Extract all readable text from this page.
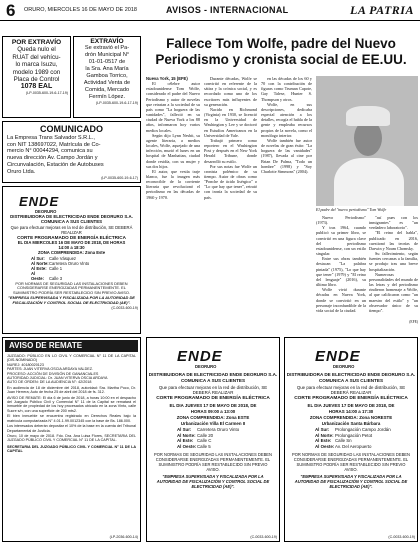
6 ORURO, MIERCOLES 16 DE MAYO DE 2018	AVISOS - INTERNACIONAL	LA PATRIA
POR EXTRAVÍO
Queda nulo el
RUAT del vehícu-
lo marca Isuzu,
modelo 1989 con
Placa de Control
1078 EAL
(LP-0035-600-19-6-17-19)
EXTRAVÍO
Se extravió el Pa-
drón Municipal N°
01-01-0517 de
la Sra. Ana María
Gamboa Torrico,
Actividad Venta de
Comida, Mercado
Fermín López.
(LP-0035-600-19-6-17-19)
COMUNICADO
La Empresa Trans Salvador S.R.L.,
con NIT 138697022, Matrícula de Co-
mercio N° 00044294, comunica su
nueva dirección Av. Campo Jordán y
Circunvalación, Estación de Autobuses
Oruro Ltda.
(LP-0035-600-19-6-17)
ENDE
DEORURO
DISTRIBUIDORA DE ELECTRICIDAD ENDE DEORURO S.A.
COMUNICA A SUS CLIENTES
Que para efectuar mejoras en la red de distribución, SE DEBERÁ REALIZAR
CORTE PROGRAMADO DE ENERGÍA ELÉCTRICA
EL DIA MIERCOLES 16 DE MAYO DE 2018, DE HORAS 14:00 a 18:30
ZONA COMPRENDIDA: Zona Este
Al Sur: Calle Vásquez
Al Norte:Carretera Oruro Vinto
Al Este: Calle 1
Al Oeste: Calle 3
POR NORMAS DE SEGURIDAD LAS INSTALACIONES DEBEN CONSIDERARSE ENERGIZADAS PERMANENTEMENTE. EL SUMINISTRO PODRÍA SER RESTABLECIDO SIN PREVIO AVISO.
"EMPRESA SUPERVISADA Y FISCALIZADA POR LA AUTORIDAD DE FISCALIZACIÓN Y CONTROL SOCIAL DE ELECTRICIDAD (AE)".
(C-0033-600-19)
AVISO DE REMATE
JUZGADO: PÚBLICO EN LO CIVIL Y COMERCIAL N° 11 DE LA CAPITAL (DIS-NOMINADO)
NUREJ: 40180020123
PARTES: JUAN VITERVA OSCIA ARDAYA VALDEZ.
PROCESO: ACCIÓN DE DIVISIÓN DE GANANCIALES
AUTORIDAD JUDICIAL: Dr. JUAN VITERVA OSCIA ARDAYA
AUTO DE ORDEN: DE LA AUDIENCIA N°: 42/2018
En audiencia de 18 de diciembre del 2018, autoridad: Sra. Martha Poco, Dr. Juan Herrera; Auto de fecha 25 de abril del 2018 de fs. 312.
AVISO DE REMATE: El día 6 de junio de 2018, a horas 10:00 en el despacho del Juzgado Público Civil y Comercial N° 11 de la Capital se rematará el inmueble de propiedad de los hoy procesados ubicado en la zona Vinto, calle Sucre s/n, con una superficie de 200 mts2.
El bien inmueble se encuentra registrado en Derechos Reales bajo la matrícula computarizada N° 4.01.1.99.0012345 con la base de Bs. 186.000.
Los interesados deberán depositar el 10% de la base en la cuenta del Tribunal Departamental de Justicia.
Oruro, 10 de mayo de 2018. Fdo. Dra. Ana Luisa Flores, SECRETARIA DEL JUZGADO PÚBLICO CIVIL Y COMERCIAL N° 11 DE LA CAPITAL.
SECRETARIA DEL JUZGADO PÚBLICO CIVIL Y COMERCIAL N° 11 DE LA CAPITAL
(LP-2036-600-14)
Fallece Tom Wolfe, padre del Nuevo Periodismo y cronista social de EE.UU.
Nueva York, 15 (EFE)

El célebre autor estadounidense Tom Wolfe, considerado el padre del Nuevo Periodismo y autor de novelas que retratan a la sociedad de su país como "La hoguera de las vanidades", falleció en su ciudad de Nueva York a los 88 años, informaron hoy varios medios locales.

Según dijo Lynn Nesbit, su agente literaria, a medios locales, Wolfe, aquejado de una infección, murió el lunes en un hospital de Manhattan, ciudad donde residía, con su mujer y sus dos hijos.

El autor, que vestía traje blanco, fue la imagen más reconocible de la corriente literaria que revolucionó el periodismo en las décadas de 1960 y 1970.

Durante décadas, Wolfe se convirtió en referente de la sátira y la crónica social, y es recordado como uno de los escritores más influyentes de su generación.

Nacido en Richmond (Virginia) en 1930, se licenció en la Universidad de Washington y Lee y se doctoró en Estudios Americanos en la Universidad de Yale.

Trabajó primero como reportero en el Washington Post y después en el New York Herald Tribune, donde desarrolló su estilo.

Por sus notas fue Wolfe un cronista polémico de su tiempo. Autor de obras como "Ponche de ácido lisérgico" o "Lo que hay que tener", retrató con ironía la sociedad de su país.

en las décadas de los 60 y 70 con la contribución de figuras como Truman Capote, Gay Talese, Hunter S. Thompson y otros.

Wolfe, en sus descripciones, dedicaba especial atención a los detalles, recogía el habla de la gente y empleaba recursos propios de la novela, como el monólogo interior.

Wolfe también fue autor de novelas de gran éxito: "La hoguera de las vanidades" (1987), llevada al cine por Brian De Palma, "Todo un hombre" (1998) y "Soy Charlotte Simmons" (2004).

El padre del "nuevo periodismo" Tom Wolfe

Nuevo Periodismo" (1973).

Y tras 1964, cuando publicó su primer libro, se convirtió en una figura clave del periodismo estadounidense, con un estilo singular.

Entre sus obras también destacan "La palabra pintada" (1975), "Lo que hay que tener" (1979) y "El reino del lenguaje" (2016), su último libro.

Wolfe vivió durante décadas en Nueva York, donde se convirtió en un personaje inconfundible de la vida social de la ciudad.

"así pues con los inmigrantes" es "un verdadero laboratorio".

"El reino del habla", publicado en 2016, cuestionó las teorías de Darwin y Noam Chomsky.

Su fallecimiento, según fuentes cercanas a la familia, se produjo tras una breve hospitalización.

Numerosas personalidades del mundo de las letras y del periodismo rindieron homenaje a Wolfe, al que calificaron como "un maestro del estilo" y "un observador único de su tiempo".

(EFE)
ENDE
DEORURO
DISTRIBUIDORA DE ELECTRICIDAD ENDE DEORURO S.A.
COMUNICA A SUS CLIENTES
Que para efectuar mejoras en la red de distribución, SE DEBERÁ REALIZAR
CORTE PROGRAMADO DE ENERGÍA ELÉCTRICA
EL DIA JUEVES 17 DE MAYO DE 2018, DE HORAS 09:00 a 13:00
ZONA COMPRENDIDA: Zona ESTE
Urbanización Villa El Carmen II
Al Sur: Carretera Oruro Vinto
Al Norte:Calle 20
Al Este: Calle C
Al Oeste:Calle 5
POR NORMAS DE SEGURIDAD LAS INSTALACIONES DEBEN CONSIDERARSE ENERGIZADAS PERMANENTEMENTE. EL SUMINISTRO PODRÍA SER RESTABLECIDO SIN PREVIO AVISO.
"EMPRESA SUPERVISADA Y FISCALIZADA POR LA AUTORIDAD DE FISCALIZACIÓN Y CONTROL SOCIAL DE ELECTRICIDAD (AE)".
(C-0033-600-19)
ENDE
DEORURO
DISTRIBUIDORA DE ELECTRICIDAD ENDE DEORURO S.A.
COMUNICA A SUS CLIENTES
Que para efectuar mejoras en la red de distribución, SE DEBERÁ REALIZAR
CORTE PROGRAMADO DE ENERGÍA ELÉCTRICA
EL DIA JUEVES 17 DE MAYO DE 2018, DE HORAS 14:00 a 17:30
ZONA COMPRENDIDA: Zona NORESTE
Urbanización Santa Bárbara
Al Sur: Prolongación Campo Jordán
Al Norte:Prolongación Petot
Al Este: Calle Sn
Al Oeste:Av. Del Aeropuerto
POR NORMAS DE SEGURIDAD LAS INSTALACIONES DEBEN CONSIDERARSE ENERGIZADAS PERMANENTEMENTE. EL SUMINISTRO PODRÍA SER RESTABLECIDO SIN PREVIO AVISO.
"EMPRESA SUPERVISADA Y FISCALIZADA POR LA AUTORIDAD DE FISCALIZACIÓN Y CONTROL SOCIAL DE ELECTRICIDAD (AE)".
(C-0033-600-19)
